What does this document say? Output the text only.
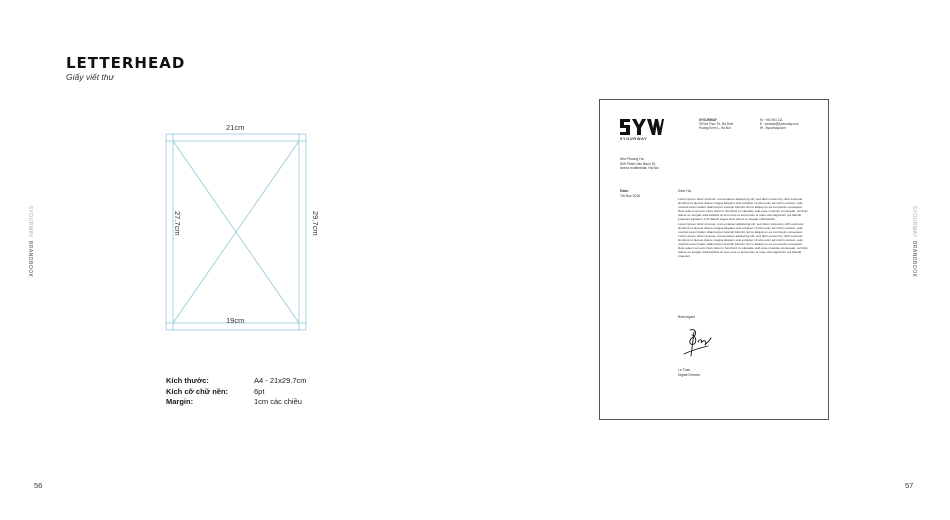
LETTERHEAD
Giấy viết thư
5YOURWAYBRANDBOOK
5YOURWAYBRANDBOOK
56	57
21cm
19cm
27.7cm	29.7cm
Kích thước:	A4 - 21x29.7cm
Kích cỡ chữ nền:	6pt
Margin:	1cm các chiều
5YOURWAY
5YOURWAY
39 Ma Thuc Tri, Ba Dinh Hoang Kiem L, Ha Noi
M : +84 901 111
E : contact@5yourway.com
W : 5yourway.com
Mrs.Phuong Ha
839 Pham Van Bach St,
Arena multimedia, Ha Noi
Date:
7th Nov 2016
Dear Ha,

Lorem ipsum dolor sit amet, consectetuer adipiscing elit, sed diam nonummy nibh euismod tincidunt ut laoreet dolore magna aliquam erat volutpat. Ut wisi enim ad minim veniam, quis nostrud exerci tation ullamcorper suscipit lobortis nisl ut aliquip ex ea commodo consequat. Duis autem vel eum iriure dolor in hendrerit in vulputate velit esse molestie consequat, vel illum dolore eu feugiat nulla facilisis at vero eros et accumsan et iusto odio dignissim qui blandit praesent luptatum zzril delenit augue duis dolore te feugait nulla facilisi.

Lorem ipsum dolor sit amet, cons ectetuer adipiscing elit, sed diam nonummy nibh euismod tincidunt ut laoreet dolore magna aliquam erat volutpat. Ut wisi enim ad minim veniam, quis nostrud exerci tation ullamcorper suscipit lobortis nisl ut aliquip ex ea commodo consequat. Lorem ipsum dolor sit amet, consectetuer adipiscing elit, sed diam nonummy nibh euismod tincidunt ut laoreet dolore magna aliquam erat volutpat. Ut wisi enim ad minim veniam, quis nostrud exerci tation ullamcorper suscipit lobortis nisl ut aliquip ex ea commodo consequat. Duis autem vel eum iriure dolor in hendrerit in vulputate velit esse molestie consequat, vel illum dolore eu feugiat nulla facilisis at vero eros et accumsan et iusto odio dignissim qui blandit praesent.

Best regard
Le Tuan
Digital Director
